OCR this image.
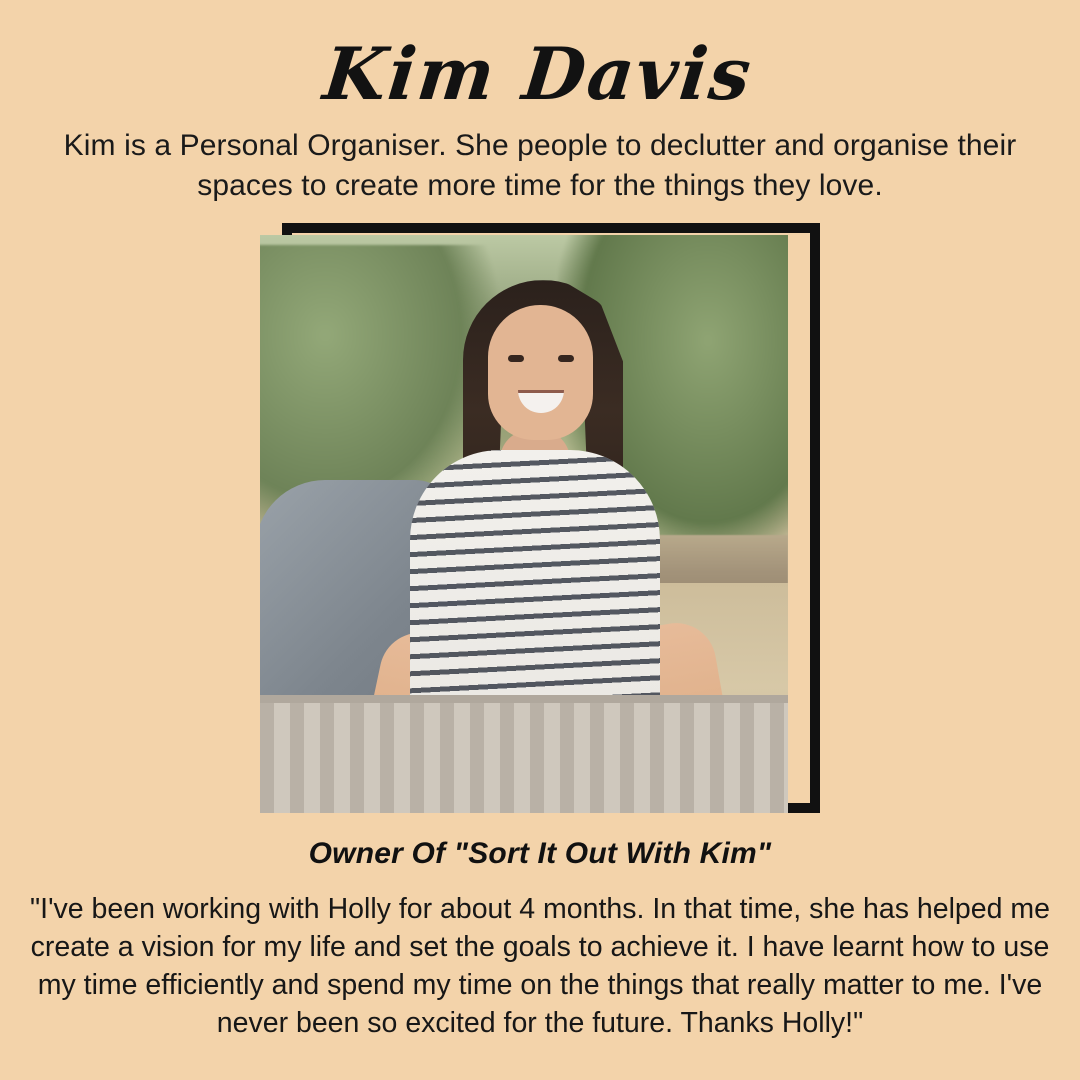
Kim Davis
Kim is a Personal Organiser. She people to declutter and organise their spaces to create more time for the things they love.
Owner Of "Sort It Out With Kim"
"I've been working with Holly for about 4 months. In that time, she has helped me create a vision for my life and set the goals to achieve it. I have learnt how to use my time efficiently and spend my time on the things that really matter to me. I've never been so excited for the future. Thanks Holly!"
